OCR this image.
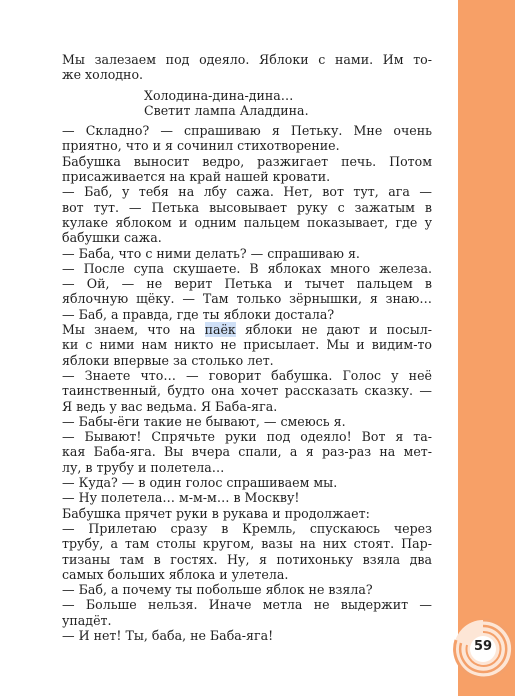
Мы залезаем под одеяло. Яблоки с нами. Им то-
же холодно.
Холодина-дина-дина…
Светит лампа Аладдина.
— Складно? — спрашиваю я Петьку. Мне очень
приятно, что и я сочинил стихотворение.
Бабушка выносит ведро, разжигает печь. Потом
присаживается на край нашей кровати.
— Баб, у тебя на лбу сажа. Нет, вот тут, ага —
вот тут. — Петька высовывает руку с зажатым в
кулаке яблоком и одним пальцем показывает, где у
бабушки сажа.
— Баба, что с ними делать? — спрашиваю я.
— После супа скушаете. В яблоках много железа.
— Ой, — не верит Петька и тычет пальцем в
яблочную щёку. — Там только зёрнышки, я знаю…
— Баб, а правда, где ты яблоки достала?
Мы знаем, что на паёк яблоки не дают и посыл-
ки с ними нам никто не присылает. Мы и видим-то
яблоки впервые за столько лет.
— Знаете что… — говорит бабушка. Голос у неё
таинственный, будто она хочет рассказать сказку. —
Я ведь у вас ведьма. Я Баба-яга.
— Бабы-ёги такие не бывают, — смеюсь я.
— Бывают! Спрячьте руки под одеяло! Вот я та-
кая Баба-яга. Вы вчера спали, а я раз-раз на мет-
лу, в трубу и полетела…
— Куда? — в один голос спрашиваем мы.
— Ну полетела… м-м-м… в Москву!
Бабушка прячет руки в рукава и продолжает:
— Прилетаю сразу в Кремль, спускаюсь через
трубу, а там столы кругом, вазы на них стоят. Пар-
тизаны там в гостях. Ну, я потихоньку взяла два
самых больших яблока и улетела.
— Баб, а почему ты побольше яблок не взяла?
— Больше нельзя. Иначе метла не выдержит —
упадёт.
— И нет! Ты, баба, не Баба-яга!
59
